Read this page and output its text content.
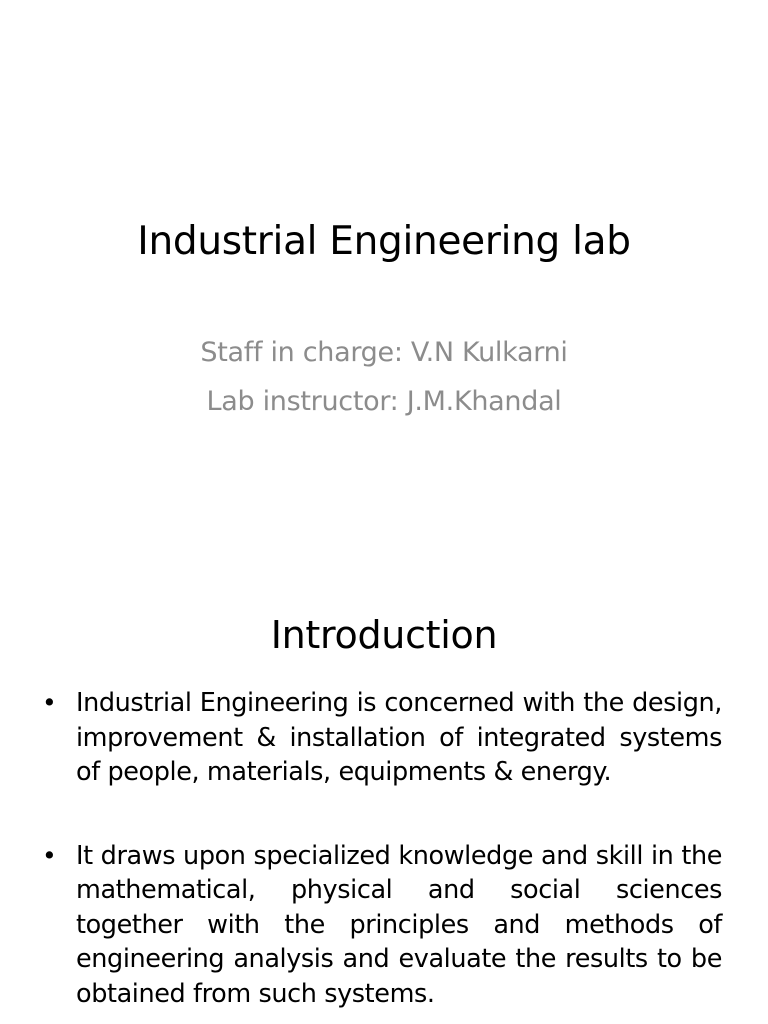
Industrial Engineering lab
Staff in charge: V.N Kulkarni
Lab instructor: J.M.Khandal
Introduction
• Industrial Engineering is concerned with the design, improvement & installation of integrated systems of people, materials, equipments & energy.
• It draws upon specialized knowledge and skill in the mathematical, physical and social sciences together with the principles and methods of engineering analysis and evaluate the results to be obtained from such systems.
